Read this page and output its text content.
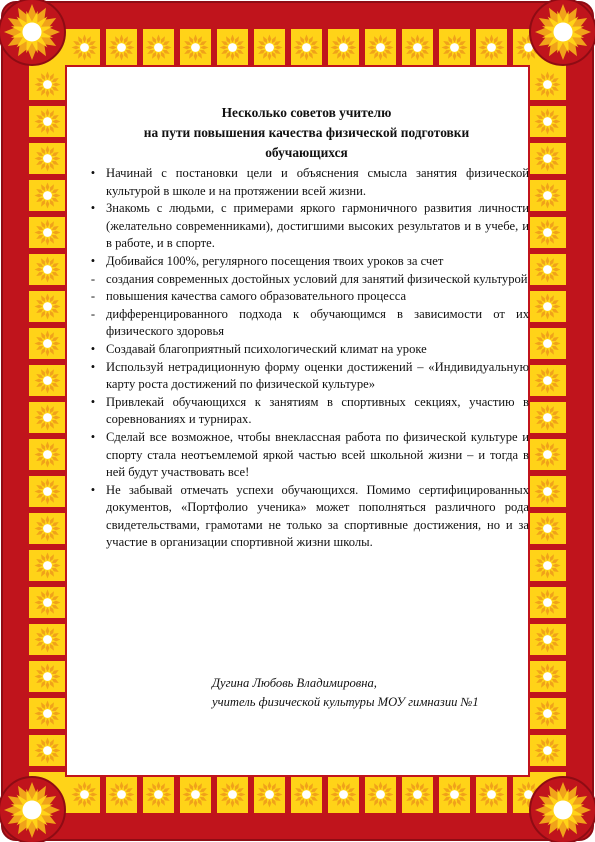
Несколько советов учителю
на пути повышения качества физической подготовки
обучающихся
• Начинай с постановки цели и объяснения смысла занятия физической культурой в школе и на протяжении всей жизни.
• Знакомь с людьми, с примерами яркого гармоничного развития личности (желательно современниками), достигшими высоких результатов и в учебе, и в работе, и в спорте.
• Добивайся 100%, регулярного посещения твоих уроков за счет
- создания современных достойных условий для занятий физической культурой
- повышения качества самого образовательного процесса
- дифференцированного подхода к обучающимся в зависимости от их физического здоровья
• Создавай благоприятный психологический климат на уроке
• Используй нетрадиционную форму оценки достижений – «Индивидуальную карту роста достижений по физической культуре»
• Привлекай обучающихся к занятиям в спортивных секциях, участию в соревнованиях и турнирах.
• Сделай все возможное, чтобы внеклассная работа по физической культуре и спорту стала неотъемлемой яркой частью всей школьной жизни – и тогда в ней будут участвовать все!
• Не забывай отмечать успехи обучающихся. Помимо сертифицированных документов, «Портфолио ученика» может пополняться различного рода свидетельствами, грамотами не только за спортивные достижения, но и за участие в организации спортивной жизни школы.
Дугина Любовь Владимировна,
учитель физической культуры МОУ гимназии №1
